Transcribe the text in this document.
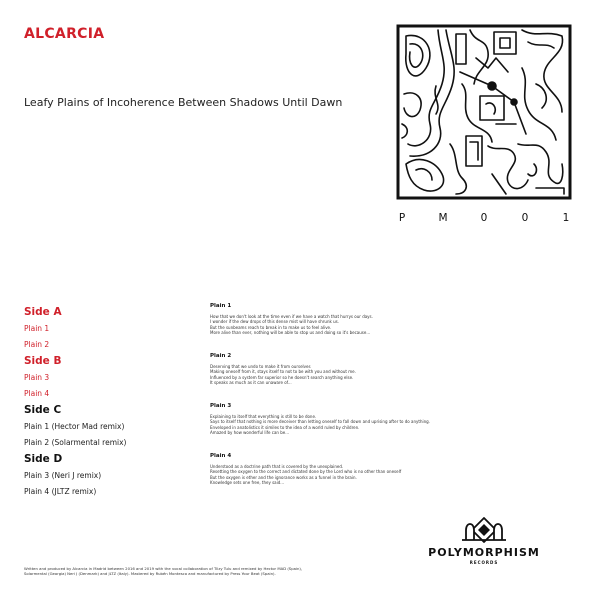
ALCARCIA
Leafy Plains of Incoherence Between Shadows Until Dawn
P	M	0	0	1

Side A

Plain 1

Plain 2

Side B

Plain 3

Plain 4

Side C

Plain 1 (Hector Mad remix)

Plain 2 (Solarmental remix)

Side D

Plain 3 (Neri J remix)

Plain 4 (JLTZ remix)

Plain 1

How that we don't look at the time even if we have a watch that hurrys our days.

I wonder if the dew drops of this dense mist will have shrunk us.

But the sunbeams reach to break in to make us to feel alive.

More alive than ever, nothing will be able to stop us and doing so it's because...

Plain 2

Deserving that we undo to make it from ourselves

Making oneself from it, stays itself to not to be with you and without me.

Influenced by a system far superior so he doesn't search anything else.

It speaks as much as it can unaware of...

Plain 3

Explaining to itself that everything is still to be done.

Says to itself that nothing is more deceiver than letting oneself to fall down and uprising after to do anything.

Enveloped in anatolistics it similes to the idea of a world ruled by children.

Amazed by how wonderful life can be...

Plain 4

Understood as a doctrine path that is covered by the unexplained.

Resetting the oxygen to the correct and dictated done by the Lord who is no other than oneself

But the oxygen is ether and the ignorance works as a funnel in the brain.

Knowledge sets one free, they said...

POLYMORPHISM
RECORDS
Written and produced by Alcarcia in Madrid between 2016 and 2019 with the vocal collaboration of Tilzy Tulu and remixed by Hector MAD (Spain), Solarmental (Georgia) Neri J (Denmark) and JLTZ (Italy). Mastered by Rubén Montesco and manufactured by Press Your Beat (Spain).
